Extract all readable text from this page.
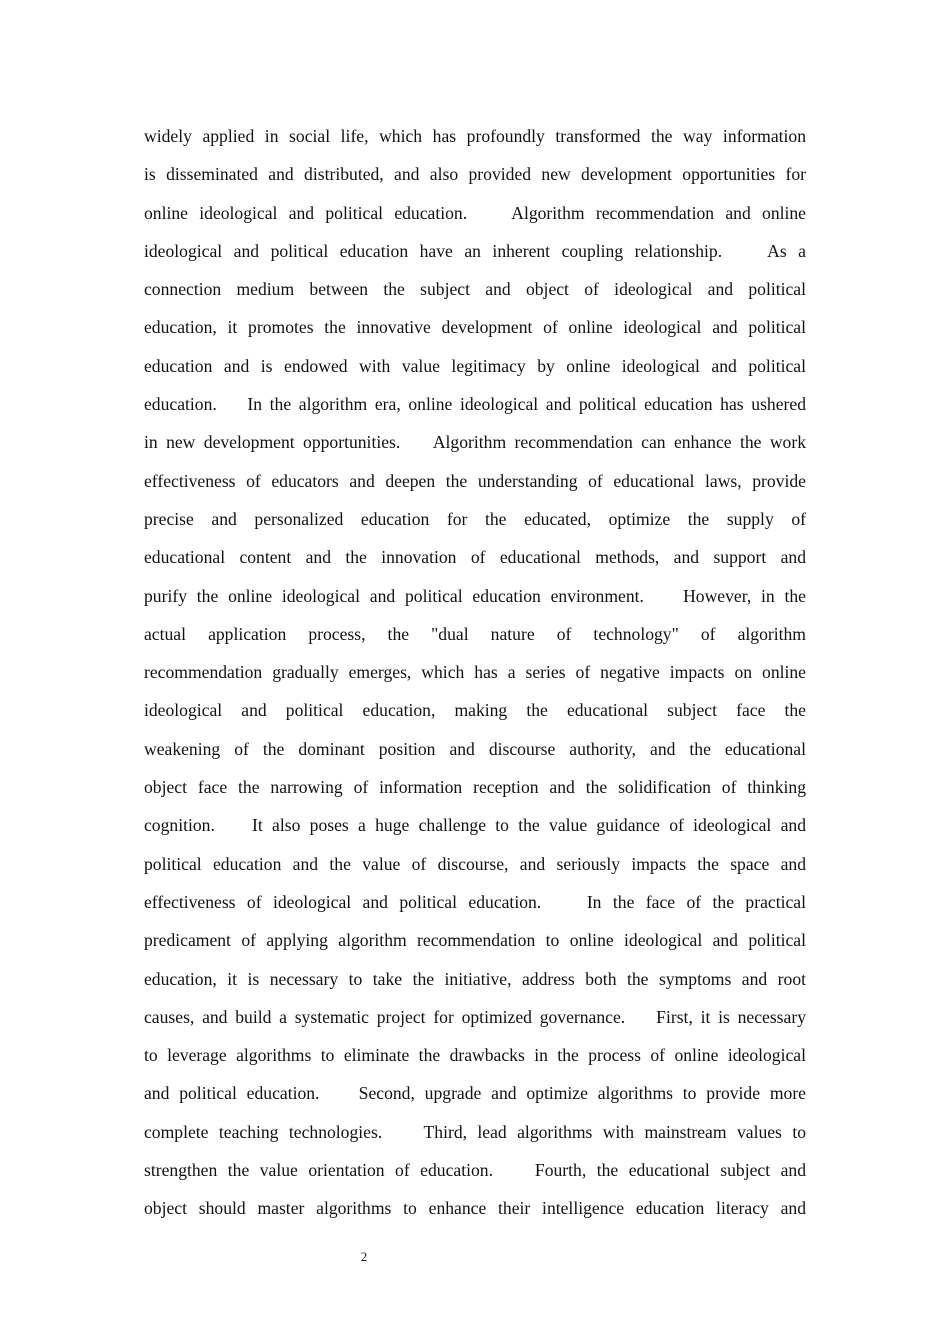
widely applied in social life, which has profoundly transformed the way information
is disseminated and distributed, and also provided new development opportunities for
online ideological and political education.    Algorithm recommendation and online
ideological and political education have an inherent coupling relationship.    As a
connection medium between the subject and object of ideological and political
education, it promotes the innovative development of online ideological and political
education and is endowed with value legitimacy by online ideological and political
education.    In the algorithm era, online ideological and political education has ushered
in new development opportunities.    Algorithm recommendation can enhance the work
effectiveness of educators and deepen the understanding of educational laws, provide
precise and personalized education for the educated, optimize the supply of
educational content and the innovation of educational methods, and support and
purify the online ideological and political education environment.    However, in the
actual application process, the "dual nature of technology" of algorithm
recommendation gradually emerges, which has a series of negative impacts on online
ideological and political education, making the educational subject face the
weakening of the dominant position and discourse authority, and the educational
object face the narrowing of information reception and the solidification of thinking
cognition.    It also poses a huge challenge to the value guidance of ideological and
political education and the value of discourse, and seriously impacts the space and
effectiveness of ideological and political education.    In the face of the practical
predicament of applying algorithm recommendation to online ideological and political
education, it is necessary to take the initiative, address both the symptoms and root
causes, and build a systematic project for optimized governance.    First, it is necessary
to leverage algorithms to eliminate the drawbacks in the process of online ideological
and political education.    Second, upgrade and optimize algorithms to provide more
complete teaching technologies.    Third, lead algorithms with mainstream values to
strengthen the value orientation of education.    Fourth, the educational subject and
object should master algorithms to enhance their intelligence education literacy and
2
